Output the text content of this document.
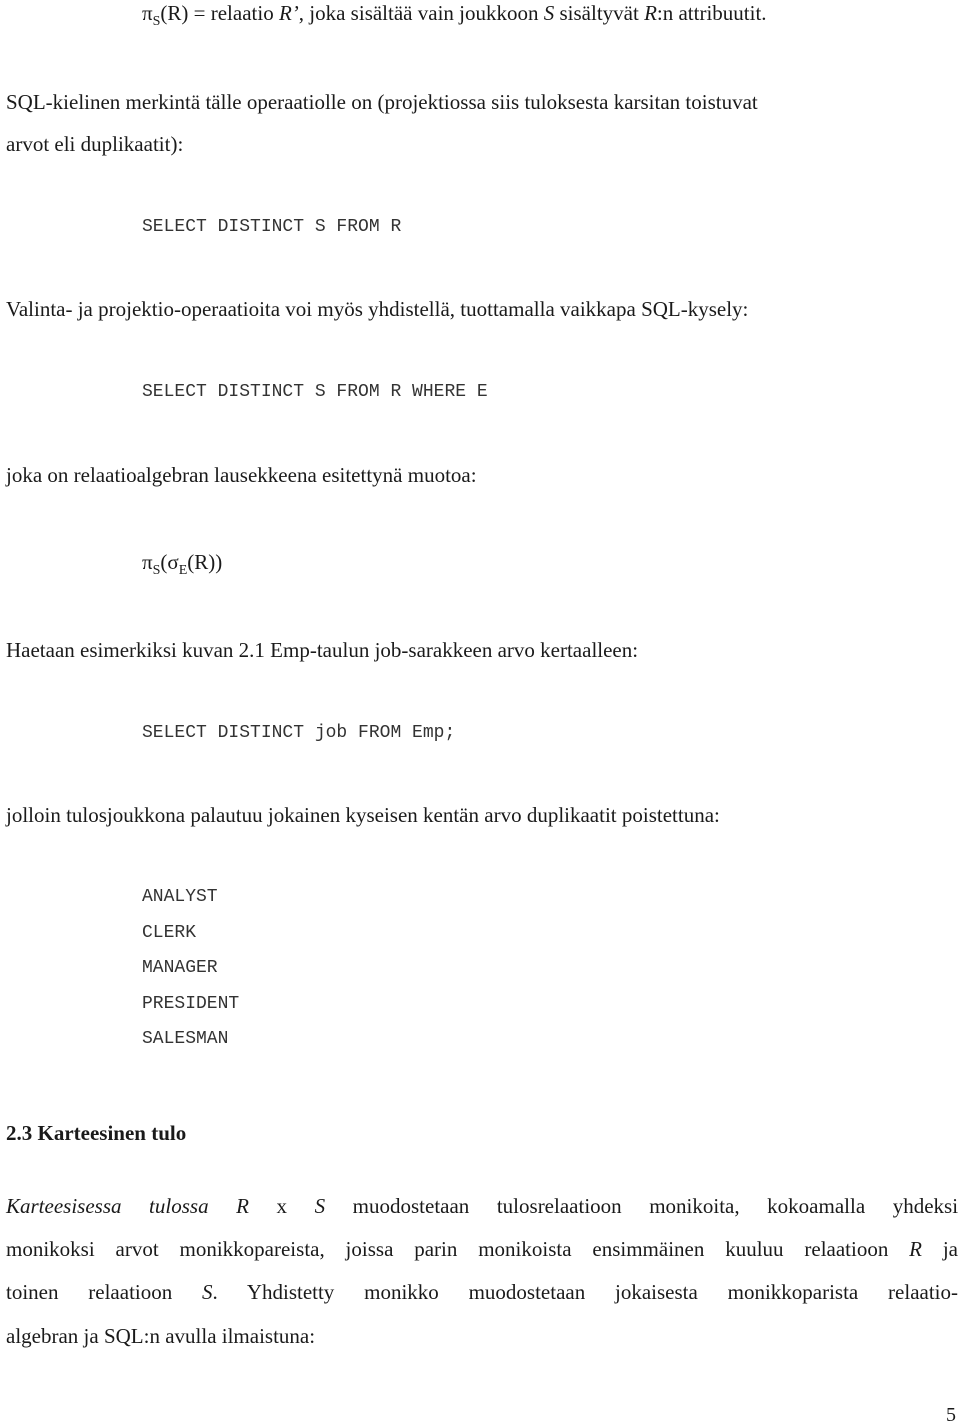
$\pi_S(R)$ = relaatio R’, joka sisältää vain joukkoon S sisältyvät R:n attribuutit.
SQL-kielinen merkintä tälle operaatiolle on (projektiossa siis tuloksesta karsitan toistuvat
arvot eli duplikaatit):
SELECT DISTINCT S FROM R
Valinta- ja projektio-operaatioita voi myös yhdistellä, tuottamalla vaikkapa SQL-kysely:
SELECT DISTINCT S FROM R WHERE E
joka on relaatioalgebran lausekkeena esitettynä muotoa:
$\pi_S(\sigma_E(R))$
Haetaan esimerkiksi kuvan 2.1 Emp-taulun job-sarakkeen arvo kertaalleen:
SELECT DISTINCT job FROM Emp;
jolloin tulosjoukkona palautuu jokainen kyseisen kentän arvo duplikaatit poistettuna:
ANALYST
CLERK
MANAGER
PRESIDENT
SALESMAN
2.3 Karteesinen tulo
Karteesisessa tulossa R x S muodostetaan tulosrelaatioon monikoita, kokoamalla yhdeksi
monikoksi arvot monikkopareista, joissa parin monikoista ensimmäinen kuuluu relaatioon R ja
toinen relaatioon S. Yhdistetty monikko muodostetaan jokaisesta monikkoparista relaatio-
algebran ja SQL:n avulla ilmaistuna:
5
